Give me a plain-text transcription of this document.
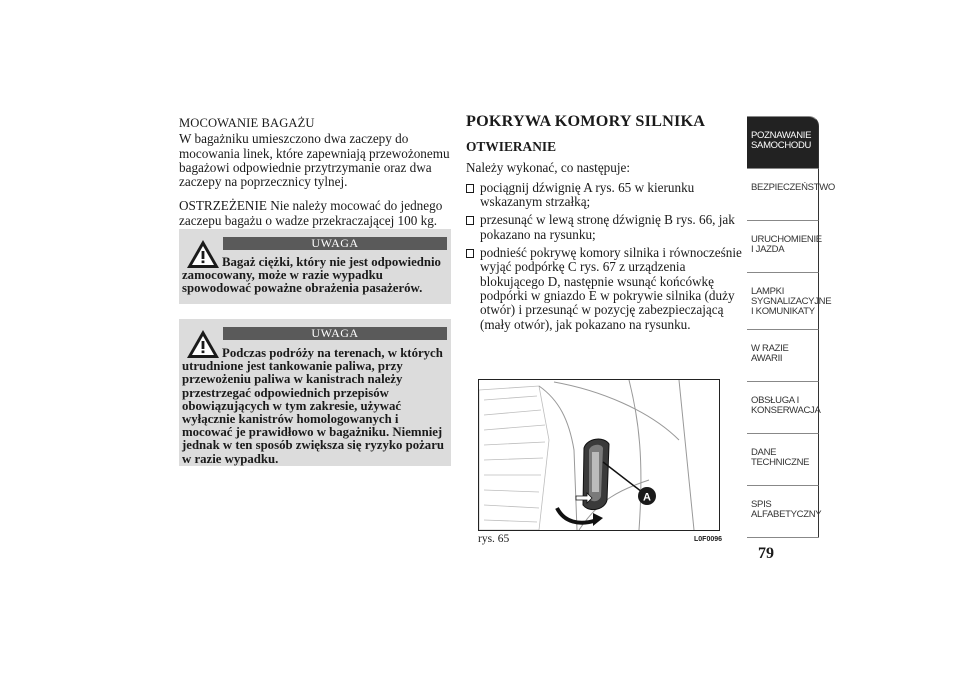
MOCOWANIE BAGAŻU

W bagażniku umieszczono dwa zaczepy do mocowania linek, które zapewniają przewożonemu bagażowi odpowiednie przytrzymanie oraz dwa zaczepy na poprzecznicy tylnej.

OSTRZEŻENIE Nie należy mocować do jednego zaczepu bagażu o wadze przekraczającej 100 kg.

UWAGA
Bagaż ciężki, który nie jest odpowiednio zamocowany, może w razie wypadku spowodować poważne obrażenia pasażerów.
UWAGA
Podczas podróży na terenach, w których utrudnione jest tankowanie paliwa, przy przewożeniu paliwa w kanistrach należy przestrzegać odpowiednich przepisów obowiązujących w tym zakresie, używać wyłącznie kanistrów homologowanych i mocować je prawidłowo w bagażniku. Niemniej jednak w ten sposób zwiększa się ryzyko pożaru w razie wypadku.
POKRYWA KOMORY SILNIKA
OTWIERANIE

Należy wykonać, co następuje:

pociągnij dźwignię A rys. 65 w kierunku wskazanym strzałką;
przesunąć w lewą stronę dźwignię B rys. 66, jak pokazano na rysunku;
podnieść pokrywę komory silnika i równocześnie wyjąć podpórkę C rys. 67 z urządzenia blokującego D, następnie wsunąć końcówkę podpórki w gniazdo E w pokrywie silnika (duży otwór) i przesunąć w pozycję zabezpieczającą (mały otwór), jak pokazano na rysunku.
A
rys. 65	L0F0096
POZNAWANIE SAMOCHODU
BEZPIECZEŃSTWO
URUCHOMIENIE I JAZDA
LAMPKI SYGNALIZACYJNE I KOMUNIKATY
W RAZIE AWARII
OBSŁUGA I KONSERWACJA
DANE TECHNICZNE
SPIS ALFABETYCZNY
79
